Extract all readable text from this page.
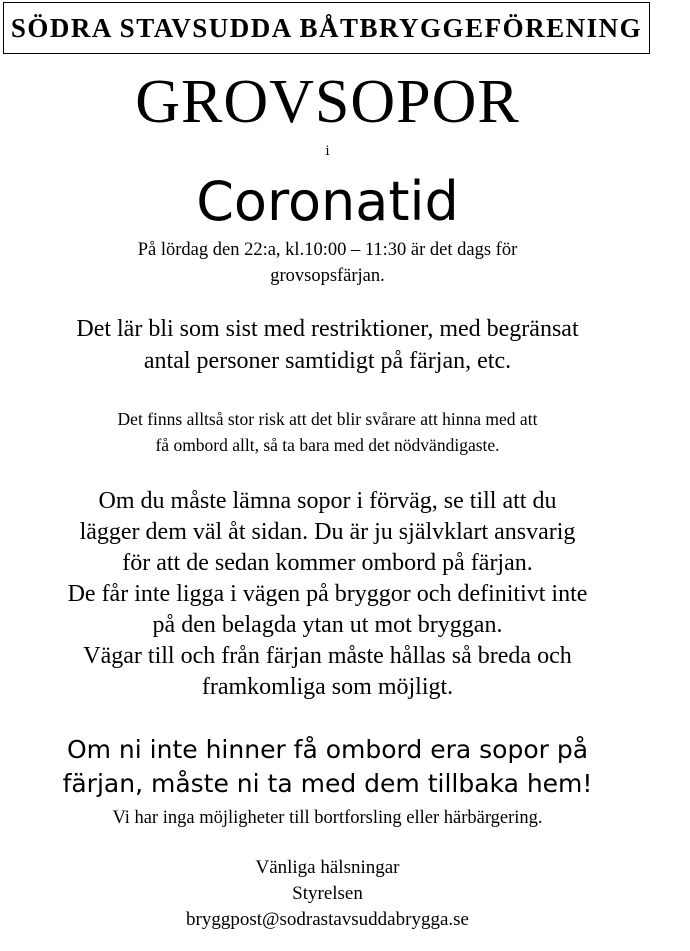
SÖDRA STAVSUDDA BÅTBRYGGEFÖRENING
GROVSOPOR
i
Coronatid
På lördag den 22:a, kl.10:00 – 11:30 är det dags för
grovsopsfärjan.
Det lär bli som sist med restriktioner, med begränsat
antal personer samtidigt på färjan, etc.
Det finns alltså stor risk att det blir svårare att hinna med att
få ombord allt, så ta bara med det nödvändigaste.
Om du måste lämna sopor i förväg, se till att du
lägger dem väl åt sidan. Du är ju självklart ansvarig
för att de sedan kommer ombord på färjan.
De får inte ligga i vägen på bryggor och definitivt inte
på den belagda ytan ut mot bryggan.
Vägar till och från färjan måste hållas så breda och
framkomliga som möjligt.
Om ni inte hinner få ombord era sopor på
färjan, måste ni ta med dem tillbaka hem!
Vi har inga möjligheter till bortforsling eller härbärgering.
Vänliga hälsningar
Styrelsen
bryggpost@sodrastavsuddabrygga.se
